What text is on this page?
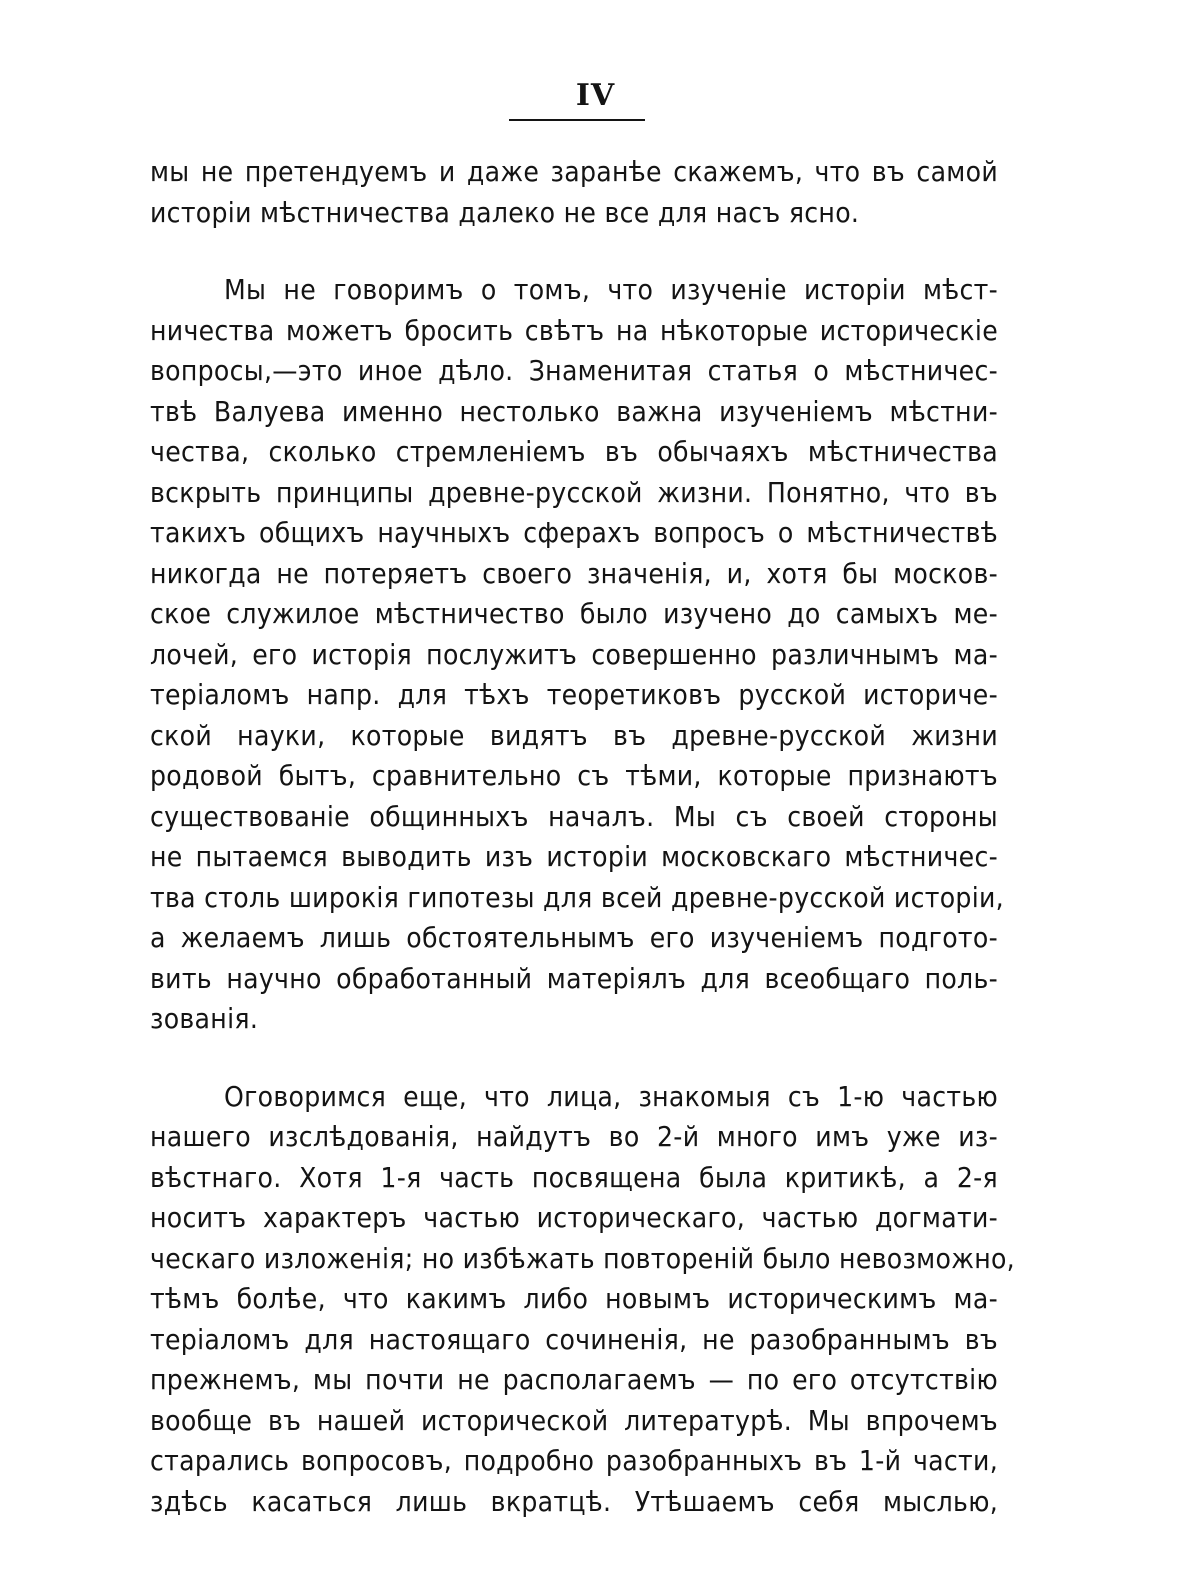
IV
мы не претендуемъ и даже заранѣе скажемъ, что въ самой
исторіи мѣстничества далеко не все для насъ ясно.
Мы не говоримъ о томъ, что изученіе исторіи мѣст-
ничества можетъ бросить свѣтъ на нѣкоторые историческіе
вопросы,—это иное дѣло. Знаменитая статья о мѣстничес-
твѣ Валуева именно нестолько важна изученіемъ мѣстни-
чества, сколько стремленіемъ въ обычаяхъ мѣстничества
вскрыть принципы древне-русской жизни. Понятно, что въ
такихъ общихъ научныхъ сферахъ вопросъ о мѣстничествѣ
никогда не потеряетъ своего значенія, и, хотя бы москов-
ское служилое мѣстничество было изучено до самыхъ ме-
лочей, его исторія послужитъ совершенно различнымъ ма-
теріаломъ напр. для тѣхъ теоретиковъ русской историче-
ской науки, которые видятъ въ древне-русской жизни
родовой бытъ, сравнительно съ тѣми, которые признаютъ
существованіе общинныхъ началъ. Мы съ своей стороны
не пытаемся выводить изъ исторіи московскаго мѣстничес-
тва столь широкія гипотезы для всей древне-русской исторіи,
а желаемъ лишь обстоятельнымъ его изученіемъ подгото-
вить научно обработанный матеріялъ для всеобщаго поль-
зованія.
Оговоримся еще, что лица, знакомыя съ 1-ю частью
нашего изслѣдованія, найдутъ во 2-й много имъ уже из-
вѣстнаго. Хотя 1-я часть посвящена была критикѣ, а 2-я
носитъ характеръ частью историческаго, частью догмати-
ческаго изложенія; но избѣжать повтореній было невозможно,
тѣмъ болѣе, что какимъ либо новымъ историческимъ ма-
теріаломъ для настоящаго сочиненія, не разобраннымъ въ
прежнемъ, мы почти не располагаемъ — по его отсутствію
вообще въ нашей исторической литературѣ. Мы впрочемъ
старались вопросовъ, подробно разобранныхъ въ 1-й части,
здѣсь касаться лишь вкратцѣ. Утѣшаемъ себя мыслью,
